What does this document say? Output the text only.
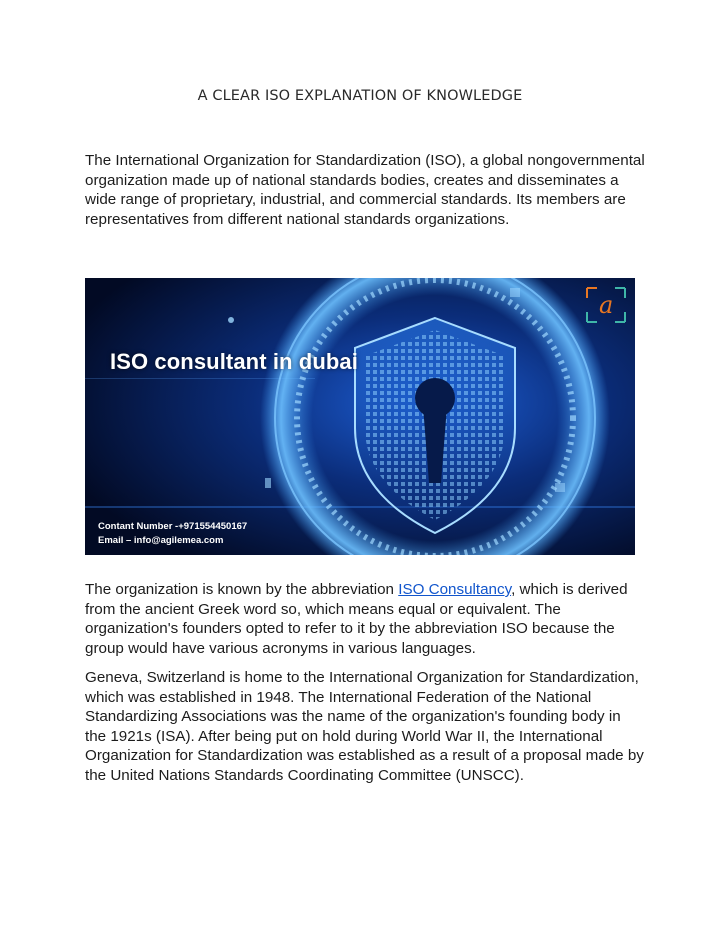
A CLEAR ISO EXPLANATION OF KNOWLEDGE

The International Organization for Standardization (ISO), a global nongovernmental organization made up of national standards bodies, creates and disseminates a wide range of proprietary, industrial, and commercial standards. Its members are representatives from different national standards organizations.

a
ISO consultant in dubai
Contant Number -+971554450167
Email – info@agilemea.com

The organization is known by the abbreviation ISO Consultancy, which is derived from the ancient Greek word so, which means equal or equivalent. The organization's founders opted to refer to it by the abbreviation ISO because the group would have various acronyms in various languages.

Geneva, Switzerland is home to the International Organization for Standardization, which was established in 1948. The International Federation of the National Standardizing Associations was the name of the organization's founding body in the 1921s (ISA). After being put on hold during World War II, the International Organization for Standardization was established as a result of a proposal made by the United Nations Standards Coordinating Committee (UNSCC).
